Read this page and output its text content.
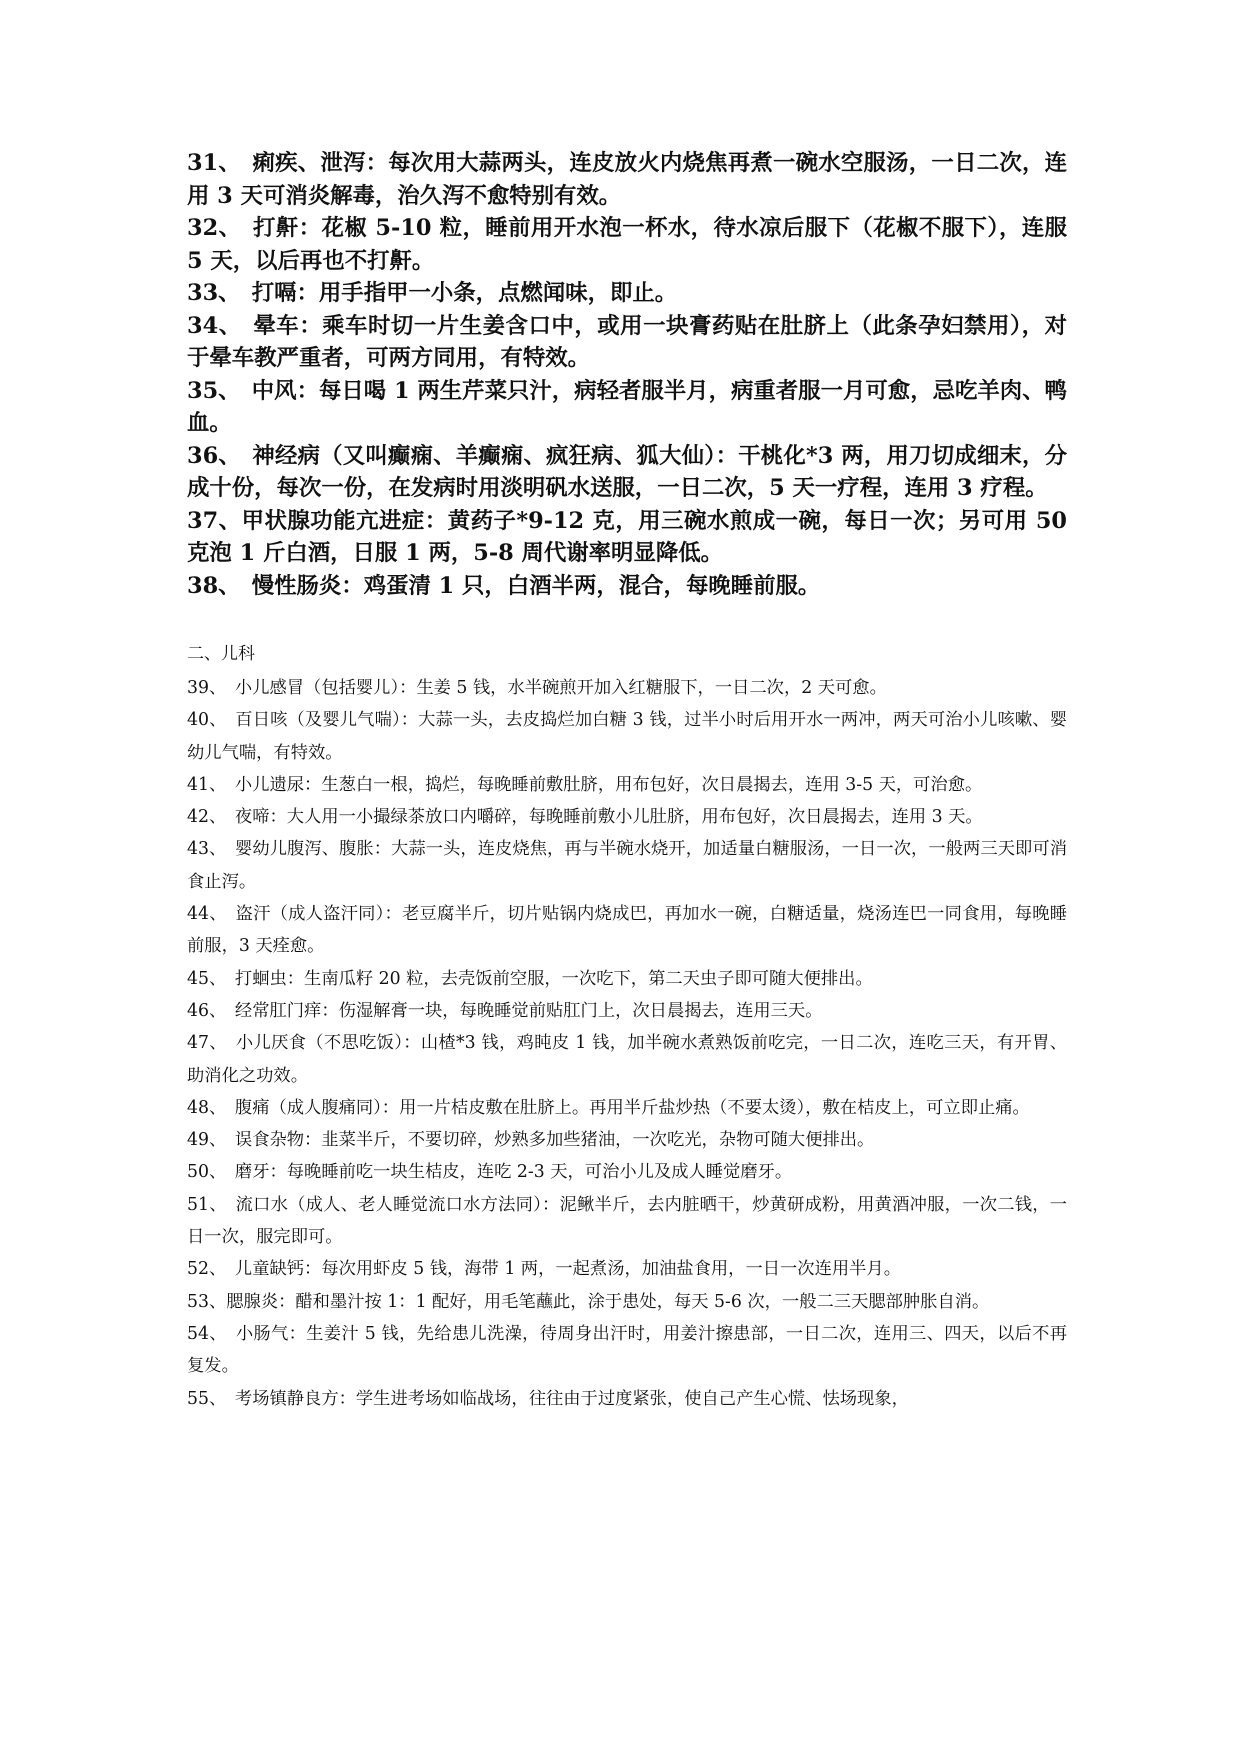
31、　痢疾、泄泻：每次用大蒜两头，连皮放火内烧焦再煮一碗水空服汤，一日二次，连用 3 天可消炎解毒，治久泻不愈特别有效。

32、　打鼾：花椒 5-10 粒，睡前用开水泡一杯水，待水凉后服下（花椒不服下），连服 5 天，以后再也不打鼾。

33、　打嗝：用手指甲一小条，点燃闻味，即止。

34、　晕车：乘车时切一片生姜含口中，或用一块膏药贴在肚脐上（此条孕妇禁用），对于晕车教严重者，可两方同用，有特效。

35、　中风：每日喝 1 两生芹菜只汁，病轻者服半月，病重者服一月可愈，忌吃羊肉、鸭血。

36、　神经病（又叫癫痫、羊癫痫、疯狂病、狐大仙）：干桃化*3 两，用刀切成细末，分成十份，每次一份，在发病时用淡明矾水送服，一日二次，5 天一疗程，连用 3 疗程。

37、甲状腺功能亢进症：黄药子*9-12 克，用三碗水煎成一碗，每日一次；另可用 50 克泡 1 斤白酒，日服 1 两，5-8 周代谢率明显降低。

38、　慢性肠炎：鸡蛋清 1 只，白酒半两，混合，每晚睡前服。

二、儿科

39、　小儿感冒（包括婴儿）：生姜 5 钱，水半碗煎开加入红糖服下，一日二次，2 天可愈。

40、　百日咳（及婴儿气喘）：大蒜一头，去皮捣烂加白糖 3 钱，过半小时后用开水一两冲，两天可治小儿咳嗽、婴幼儿气喘，有特效。

41、　小儿遗尿：生葱白一根，捣烂，每晚睡前敷肚脐，用布包好，次日晨揭去，连用 3-5 天，可治愈。

42、　夜啼：大人用一小撮绿茶放口内嚼碎，每晚睡前敷小儿肚脐，用布包好，次日晨揭去，连用 3 天。

43、　婴幼儿腹泻、腹胀：大蒜一头，连皮烧焦，再与半碗水烧开，加适量白糖服汤，一日一次，一般两三天即可消食止泻。

44、　盗汗（成人盗汗同）：老豆腐半斤，切片贴锅内烧成巴，再加水一碗，白糖适量，烧汤连巴一同食用，每晚睡前服，3 天痊愈。

45、　打蛔虫：生南瓜籽 20 粒，去壳饭前空服，一次吃下，第二天虫子即可随大便排出。

46、　经常肛门痒：伤湿解膏一块，每晚睡觉前贴肛门上，次日晨揭去，连用三天。

47、　小儿厌食（不思吃饭）：山楂*3 钱，鸡盹皮 1 钱，加半碗水煮熟饭前吃完，一日二次，连吃三天，有开胃、助消化之功效。

48、　腹痛（成人腹痛同）：用一片桔皮敷在肚脐上。再用半斤盐炒热（不要太烫），敷在桔皮上，可立即止痛。

49、　误食杂物：韭菜半斤，不要切碎，炒熟多加些猪油，一次吃光，杂物可随大便排出。

50、　磨牙：每晚睡前吃一块生桔皮，连吃 2-3 天，可治小儿及成人睡觉磨牙。

51、　流口水（成人、老人睡觉流口水方法同）：泥鳅半斤，去内脏晒干，炒黄研成粉，用黄酒冲服，一次二钱，一日一次，服完即可。

52、　儿童缺钙：每次用虾皮 5 钱，海带 1 两，一起煮汤，加油盐食用，一日一次连用半月。

53、腮腺炎：醋和墨汁按 1：1 配好，用毛笔蘸此，涂于患处，每天 5-6 次，一般二三天腮部肿胀自消。

54、　小肠气：生姜汁 5 钱，先给患儿洗澡，待周身出汗时，用姜汁擦患部，一日二次，连用三、四天，以后不再复发。

55、　考场镇静良方：学生进考场如临战场，往往由于过度紧张，使自己产生心慌、怯场现象，
